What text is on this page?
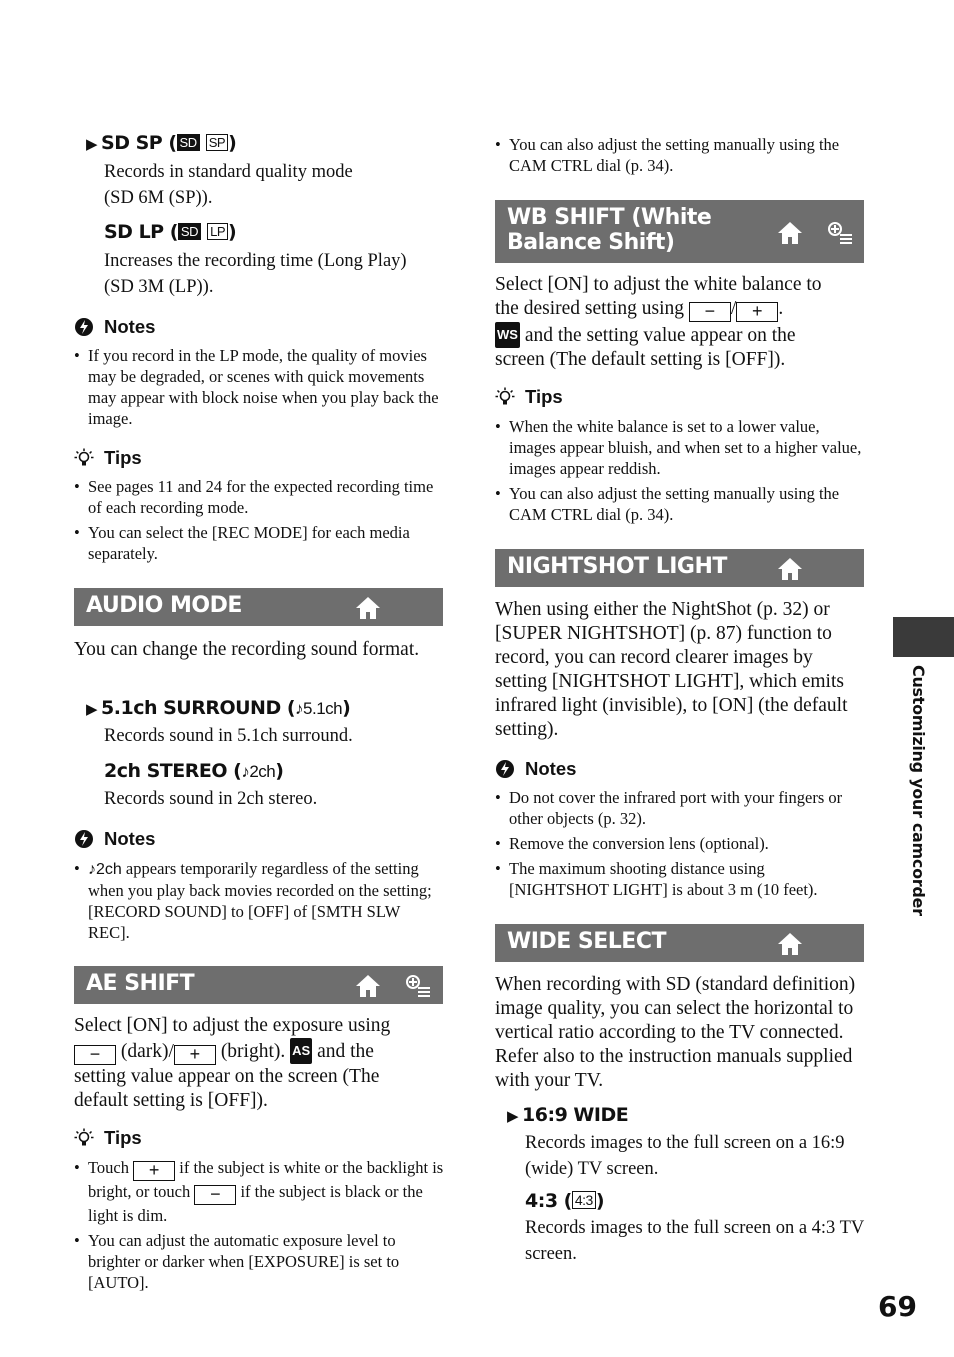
▶ SD SP ( SD SP )
Records in standard quality mode
(SD 6M (SP)).
SD LP ( SD LP )
Increases the recording time (Long Play)
(SD 3M (LP)).
Notes
• If you record in the LP mode, the quality of movies may be degraded, or scenes with quick movements may appear with block noise when you play back the image.
Tips
• See pages 11 and 24 for the expected recording time of each recording mode.
• You can select the [REC MODE] for each media separately.
AUDIO MODE
You can change the recording sound format.
▶ 5.1ch SURROUND (♪5.1ch)
Records sound in 5.1ch surround.
2ch STEREO (♪2ch)
Records sound in 2ch stereo.
Notes
• ♪2ch appears temporarily regardless of the setting when you play back movies recorded on the setting; [RECORD SOUND] to [OFF] of [SMTH SLW REC].
AE SHIFT
Select [ON] to adjust the exposure using
− (dark)/ + (bright). AS and the
setting value appear on the screen (The
default setting is [OFF]).
Tips
• Touch + if the subject is white or the backlight is bright, or touch − if the subject is black or the light is dim.
• You can adjust the automatic exposure level to brighter or darker when [EXPOSURE] is set to [AUTO].
• You can also adjust the setting manually using the CAM CTRL dial (p. 34).
WB SHIFT (White
Balance Shift)
Select [ON] to adjust the white balance to
the desired setting using − / + .
WS and the setting value appear on the
screen (The default setting is [OFF]).
Tips
• When the white balance is set to a lower value, images appear bluish, and when set to a higher value, images appear reddish.
• You can also adjust the setting manually using the CAM CTRL dial (p. 34).
NIGHTSHOT LIGHT
When using either the NightShot (p. 32) or [SUPER NIGHTSHOT] (p. 87) function to record, you can record clearer images by setting [NIGHTSHOT LIGHT], which emits infrared light (invisible), to [ON] (the default setting).
Notes
• Do not cover the infrared port with your fingers or other objects (p. 32).
• Remove the conversion lens (optional).
• The maximum shooting distance using [NIGHTSHOT LIGHT] is about 3 m (10 feet).
WIDE SELECT
When recording with SD (standard definition) image quality, you can select the horizontal to vertical ratio according to the TV connected. Refer also to the instruction manuals supplied with your TV.
▶ 16:9 WIDE
Records images to the full screen on a 16:9 (wide) TV screen.
4:3 ( 4:3 )
Records images to the full screen on a 4:3 TV screen.
Customizing your camcorder
69
